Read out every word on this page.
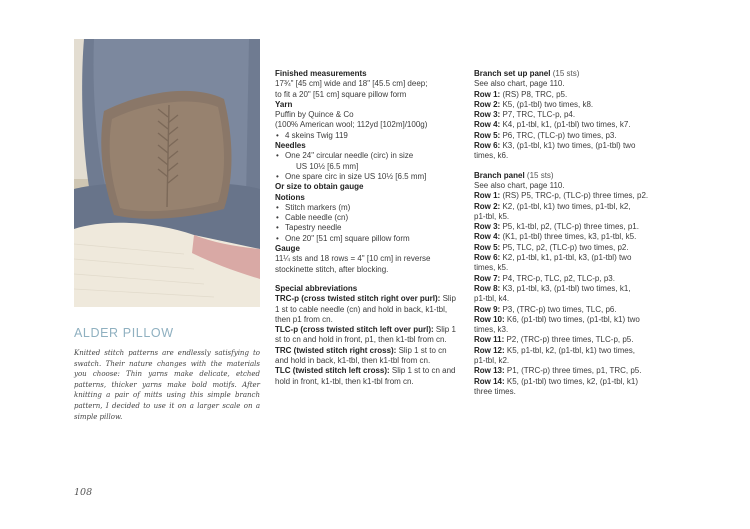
ALDER PILLOW

Knitted stitch patterns are endlessly satisfying to swatch. Their nature changes with the materials you choose: Thin yarns make delicate, etched patterns, thicker yarns make bold motifs. After knitting a pair of mitts using this simple branch pattern, I decided to use it on a larger scale on a simple pillow.

108

Finished measurements

17¾" [45 cm] wide and 18" [45.5 cm] deep;

to fit a 20" [51 cm] square pillow form

Yarn

Puffin by Quince & Co

(100% American wool; 112yd [102m]/100g)

• 4 skeins Twig 119

Needles

• One 24" circular needle (circ) in size

US 10½ [6.5 mm]

• One spare circ in size US 10½ [6.5 mm]

Or size to obtain gauge

Notions

• Stitch markers (m)

• Cable needle (cn)

• Tapestry needle

• One 20" [51 cm] square pillow form

Gauge

11¼ sts and 18 rows = 4" [10 cm] in reverse

stockinette stitch, after blocking.

Special abbreviations

TRC-p (cross twisted stitch right over purl): Slip

1 st to cable needle (cn) and hold in back, k1-tbl,

then p1 from cn.

TLC-p (cross twisted stitch left over purl): Slip 1

st to cn and hold in front, p1, then k1-tbl from cn.

TRC (twisted stitch right cross): Slip 1 st to cn

and hold in back, k1-tbl, then k1-tbl from cn.

TLC (twisted stitch left cross): Slip 1 st to cn and

hold in front, k1-tbl, then k1-tbl from cn.

Branch set up panel (15 sts)

See also chart, page 110.

Row 1: (RS) P8, TRC, p5.

Row 2: K5, (p1-tbl) two times, k8.

Row 3: P7, TRC, TLC-p, p4.

Row 4: K4, p1-tbl, k1, (p1-tbl) two times, k7.

Row 5: P6, TRC, (TLC-p) two times, p3.

Row 6: K3, (p1-tbl, k1) two times, (p1-tbl) two

times, k6.

Branch panel (15 sts)

See also chart, page 110.

Row 1: (RS) P5, TRC-p, (TLC-p) three times, p2.

Row 2: K2, (p1-tbl, k1) two times, p1-tbl, k2,

p1-tbl, k5.

Row 3: P5, k1-tbl, p2, (TLC-p) three times, p1.

Row 4: (K1, p1-tbl) three times, k3, p1-tbl, k5.

Row 5: P5, TLC, p2, (TLC-p) two times, p2.

Row 6: K2, p1-tbl, k1, p1-tbl, k3, (p1-tbl) two

times, k5.

Row 7: P4, TRC-p, TLC, p2, TLC-p, p3.

Row 8: K3, p1-tbl, k3, (p1-tbl) two times, k1,

p1-tbl, k4.

Row 9: P3, (TRC-p) two times, TLC, p6.

Row 10: K6, (p1-tbl) two times, (p1-tbl, k1) two

times, k3.

Row 11: P2, (TRC-p) three times, TLC-p, p5.

Row 12: K5, p1-tbl, k2, (p1-tbl, k1) two times,

p1-tbl, k2.

Row 13: P1, (TRC-p) three times, p1, TRC, p5.

Row 14: K5, (p1-tbl) two times, k2, (p1-tbl, k1)

three times.
